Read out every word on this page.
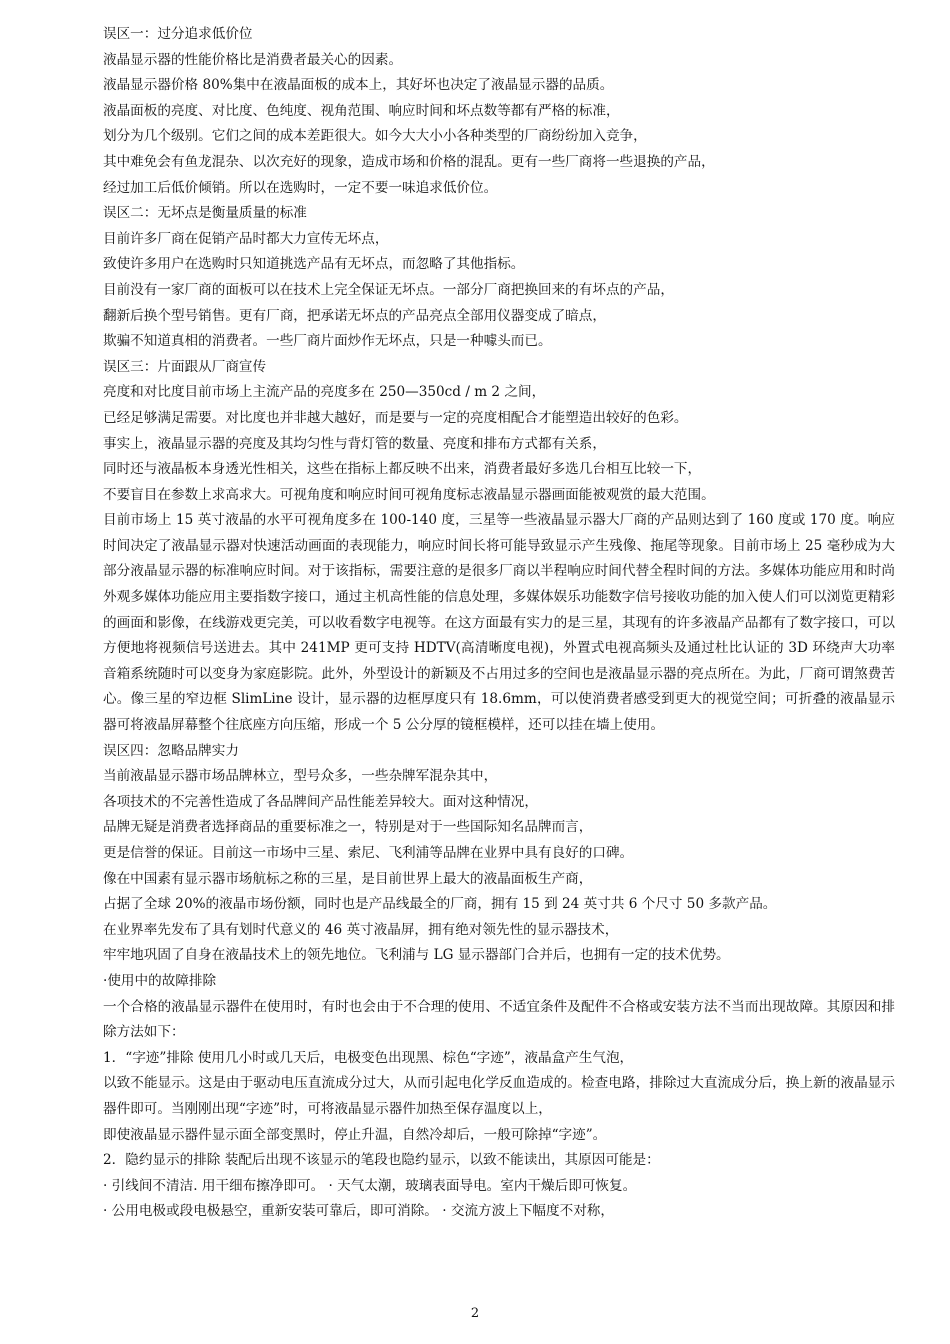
误区一：过分追求低价位
液晶显示器的性能价格比是消费者最关心的因素。
液晶显示器价格 80%集中在液晶面板的成本上，其好坏也决定了液晶显示器的品质。
液晶面板的亮度、对比度、色纯度、视角范围、响应时间和坏点数等都有严格的标准，
划分为几个级别。它们之间的成本差距很大。如今大大小小各种类型的厂商纷纷加入竞争，
其中难免会有鱼龙混杂、以次充好的现象，造成市场和价格的混乱。更有一些厂商将一些退换的产品，
经过加工后低价倾销。所以在选购时，一定不要一味追求低价位。
误区二：无坏点是衡量质量的标准
目前许多厂商在促销产品时都大力宣传无坏点，
致使许多用户在选购时只知道挑选产品有无坏点，而忽略了其他指标。
目前没有一家厂商的面板可以在技术上完全保证无坏点。一部分厂商把换回来的有坏点的产品，
翻新后换个型号销售。更有厂商，把承诺无坏点的产品亮点全部用仪器变成了暗点，
欺骗不知道真相的消费者。一些厂商片面炒作无坏点，只是一种噱头而已。
误区三：片面跟从厂商宣传
亮度和对比度目前市场上主流产品的亮度多在 250—350cd / m 2 之间，
已经足够满足需要。对比度也并非越大越好，而是要与一定的亮度相配合才能塑造出较好的色彩。
事实上，液晶显示器的亮度及其均匀性与背灯管的数量、亮度和排布方式都有关系，
同时还与液晶板本身透光性相关，这些在指标上都反映不出来，消费者最好多选几台相互比较一下，
不要盲目在参数上求高求大。可视角度和响应时间可视角度标志液晶显示器画面能被观赏的最大范围。
目前市场上 15 英寸液晶的水平可视角度多在 100-140 度，三星等一些液晶显示器大厂商的产品则达到了 160 度或 170 度。响应时间决定了液晶显示器对快速活动画面的表现能力，响应时间长将可能导致显示产生残像、拖尾等现象。目前市场上 25 毫秒成为大部分液晶显示器的标准响应时间。对于该指标，需要注意的是很多厂商以半程响应时间代替全程时间的方法。多媒体功能应用和时尚外观多媒体功能应用主要指数字接口，通过主机高性能的信息处理，多媒体娱乐功能数字信号接收功能的加入使人们可以浏览更精彩的画面和影像，在线游戏更完美，可以收看数字电视等。在这方面最有实力的是三星，其现有的许多液晶产品都有了数字接口，可以方便地将视频信号送进去。其中 241MP 更可支持 HDTV(高清晰度电视)，外置式电视高频头及通过杜比认证的 3D 环绕声大功率音箱系统随时可以变身为家庭影院。此外，外型设计的新颖及不占用过多的空间也是液晶显示器的亮点所在。为此，厂商可谓煞费苦心。像三星的窄边框 SlimLine 设计，显示器的边框厚度只有 18.6mm，可以使消费者感受到更大的视觉空间；可折叠的液晶显示器可将液晶屏幕整个往底座方向压缩，形成一个 5 公分厚的镜框模样，还可以挂在墙上使用。
误区四：忽略品牌实力
当前液晶显示器市场品牌林立，型号众多，一些杂牌军混杂其中，
各项技术的不完善性造成了各品牌间产品性能差异较大。面对这种情况，
品牌无疑是消费者选择商品的重要标准之一，特别是对于一些国际知名品牌而言，
更是信誉的保证。目前这一市场中三星、索尼、飞利浦等品牌在业界中具有良好的口碑。
像在中国素有显示器市场航标之称的三星，是目前世界上最大的液晶面板生产商，
占据了全球 20%的液晶市场份额，同时也是产品线最全的厂商，拥有 15 到 24 英寸共 6 个尺寸 50 多款产品。
在业界率先发布了具有划时代意义的 46 英寸液晶屏，拥有绝对领先性的显示器技术，
牢牢地巩固了自身在液晶技术上的领先地位。飞利浦与 LG 显示器部门合并后，也拥有一定的技术优势。
·使用中的故障排除
一个合格的液晶显示器件在使用时，有时也会由于不合理的使用、不适宜条件及配件不合格或安装方法不当而出现故障。其原因和排除方法如下：
1．“字迹”排除 使用几小时或几天后，电极变色出现黑、棕色“字迹”，液晶盒产生气泡，
以致不能显示。这是由于驱动电压直流成分过大，从而引起电化学反血造成的。检查电路，排除过大直流成分后，换上新的液晶显示器件即可。当刚刚出现“字迹”时，可将液晶显示器件加热至保存温度以上，
即使液晶显示器件显示面全部变黑时，停止升温，自然冷却后，一般可除掉“字迹”。
2．隐约显示的排除 装配后出现不该显示的笔段也隐约显示，以致不能读出，其原因可能是：
· 引线间不清洁. 用干细布擦净即可。 · 天气太潮，玻璃表面导电。室内干燥后即可恢复。
· 公用电极或段电极悬空，重新安装可靠后，即可消除。 · 交流方波上下幅度不对称，
2
